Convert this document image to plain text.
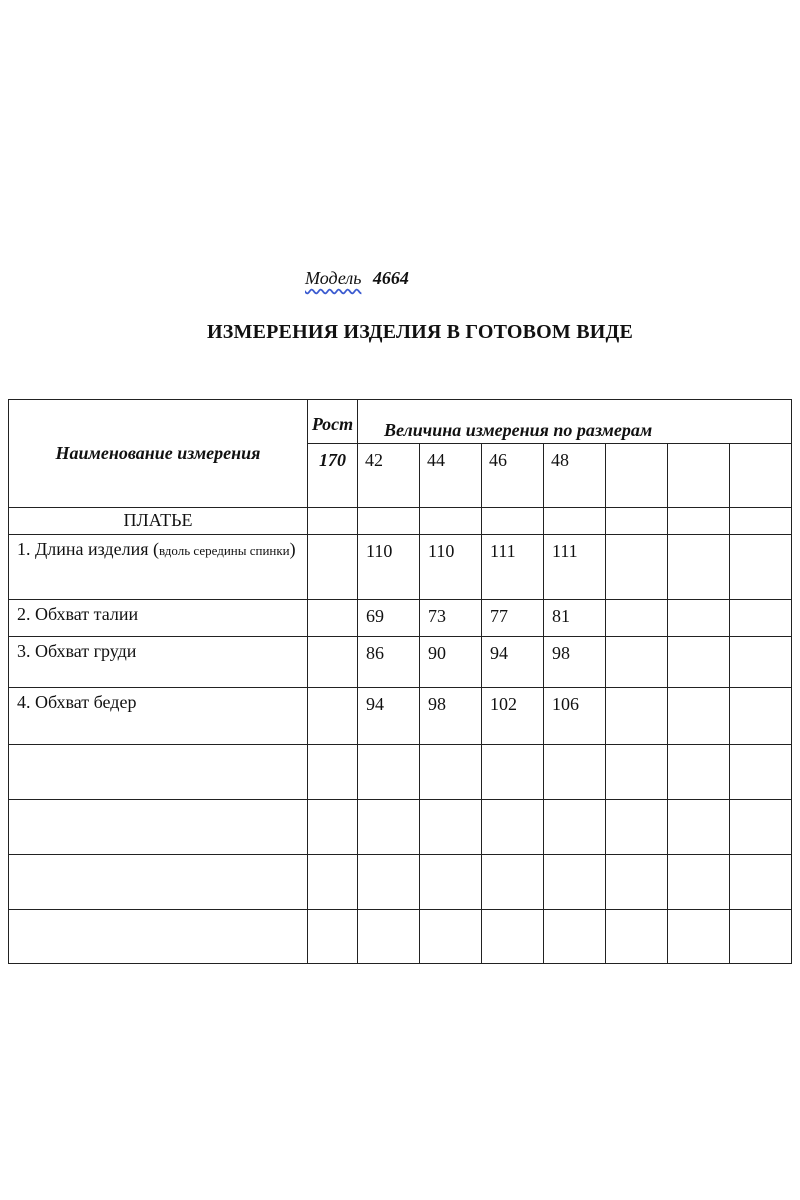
Модель 4664
ИЗМЕРЕНИЯ ИЗДЕЛИЯ В ГОТОВОМ ВИДЕ
Наименование измерения	Рост	Величина измерения по размерам						
	170	42	44	46	48			
ПЛАТЬЕ								
1. Длина изделия (вдоль середины спинки)		110	110	111	111			
2. Обхват талии		69	73	77	81			
3. Обхват груди		86	90	94	98			
4. Обхват бедер		94	98	102	106			
